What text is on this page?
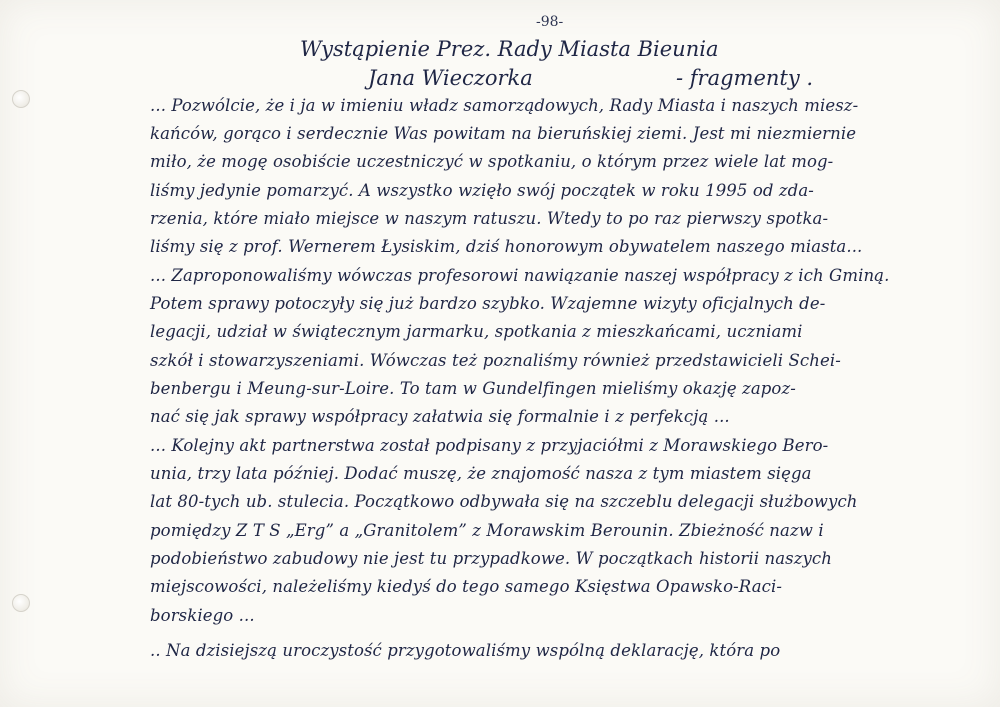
-98-
Wystąpienie Prez. Rady Miasta Bieunia
Jana Wieczorka	- fragmenty .
... Pozwólcie, że i ja w imieniu władz samorządowych, Rady Miasta i naszych miesz-
kańców, gorąco i serdecznie Was powitam na bieruńskiej ziemi. Jest mi niezmiernie
miło, że mogę osobiście uczestniczyć w spotkaniu, o którym przez wiele lat mog-
liśmy jedynie pomarzyć. A wszystko wzięło swój początek w roku 1995 od zda-
rzenia, które miało miejsce w naszym ratuszu. Wtedy to po raz pierwszy spotka-
liśmy się z prof. Wernerem Łysiskim, dziś honorowym obywatelem naszego miasta...
... Zaproponowaliśmy wówczas profesorowi nawiązanie naszej współpracy z ich Gminą.
Potem sprawy potoczyły się już bardzo szybko. Wzajemne wizyty oficjalnych de-
legacji, udział w świątecznym jarmarku, spotkania z mieszkańcami, uczniami
szkół i stowarzyszeniami. Wówczas też poznaliśmy również przedstawicieli Schei-
benbergu i Meung-sur-Loire. To tam w Gundelfingen mieliśmy okazję zapoz-
nać się jak sprawy współpracy załatwia się formalnie i z perfekcją ...
... Kolejny akt partnerstwa został podpisany z przyjaciółmi z Morawskiego Bero-
unia, trzy lata później. Dodać muszę, że znajomość nasza z tym miastem sięga
lat 80-tych ub. stulecia. Początkowo odbywała się na szczeblu delegacji służbowych
pomiędzy Z T S „Erg” a „Granitolem” z Morawskim Berounin. Zbieżność nazw i
podobieństwo zabudowy nie jest tu przypadkowe. W początkach historii naszych
miejscowości, należeliśmy kiedyś do tego samego Księstwa Opawsko-Raci-
borskiego ...
.. Na dzisiejszą uroczystość przygotowaliśmy wspólną deklarację, która po
